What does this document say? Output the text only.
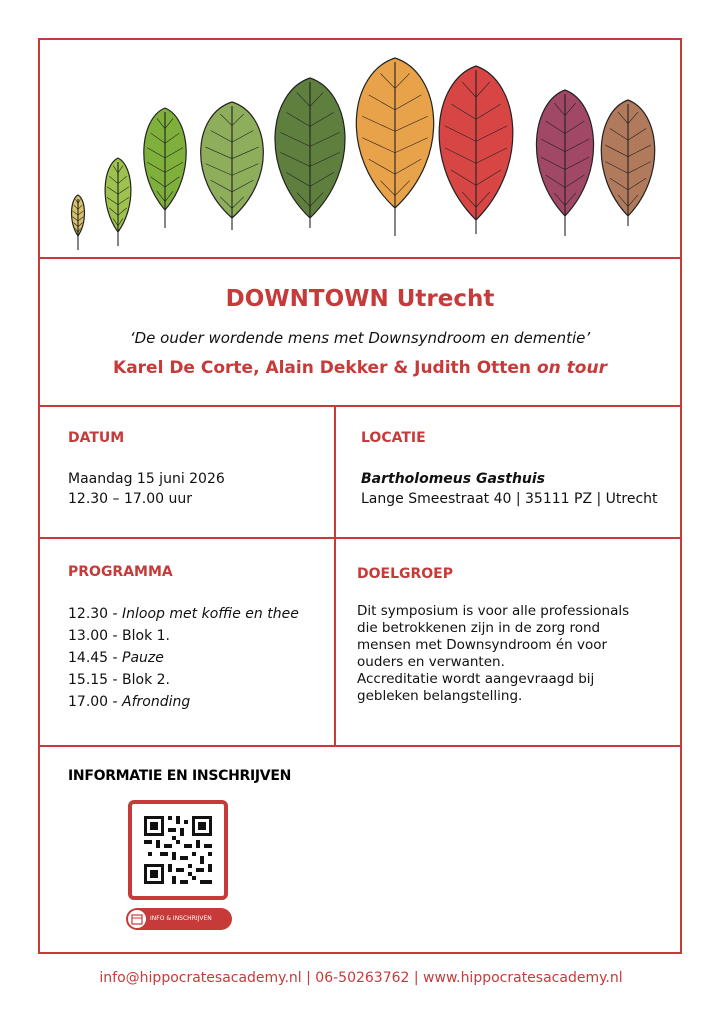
DOWNTOWN Utrecht
‘De ouder wordende mens met Downsyndroom en dementie’
Karel De Corte, Alain Dekker & Judith Otten on tour
DATUM
Maandag 15 juni 2026
12.30 – 17.00 uur
LOCATIE
Bartholomeus Gasthuis
Lange Smeestraat 40 | 35111 PZ | Utrecht
PROGRAMMA
12.30 - Inloop met koffie en thee
13.00 - Blok 1.
14.45 - Pauze
15.15 - Blok 2.
17.00 - Afronding
DOELGROEP
Dit symposium is voor alle professionals
die betrokkenen zijn in de zorg rond
mensen met Downsyndroom én voor
ouders en verwanten.
Accreditatie wordt aangevraagd bij
gebleken belangstelling.
INFORMATIE EN INSCHRIJVEN
INFO & INSCHRIJVEN
info@hippocratesacademy.nl | 06-50263762 | www.hippocratesacademy.nl
